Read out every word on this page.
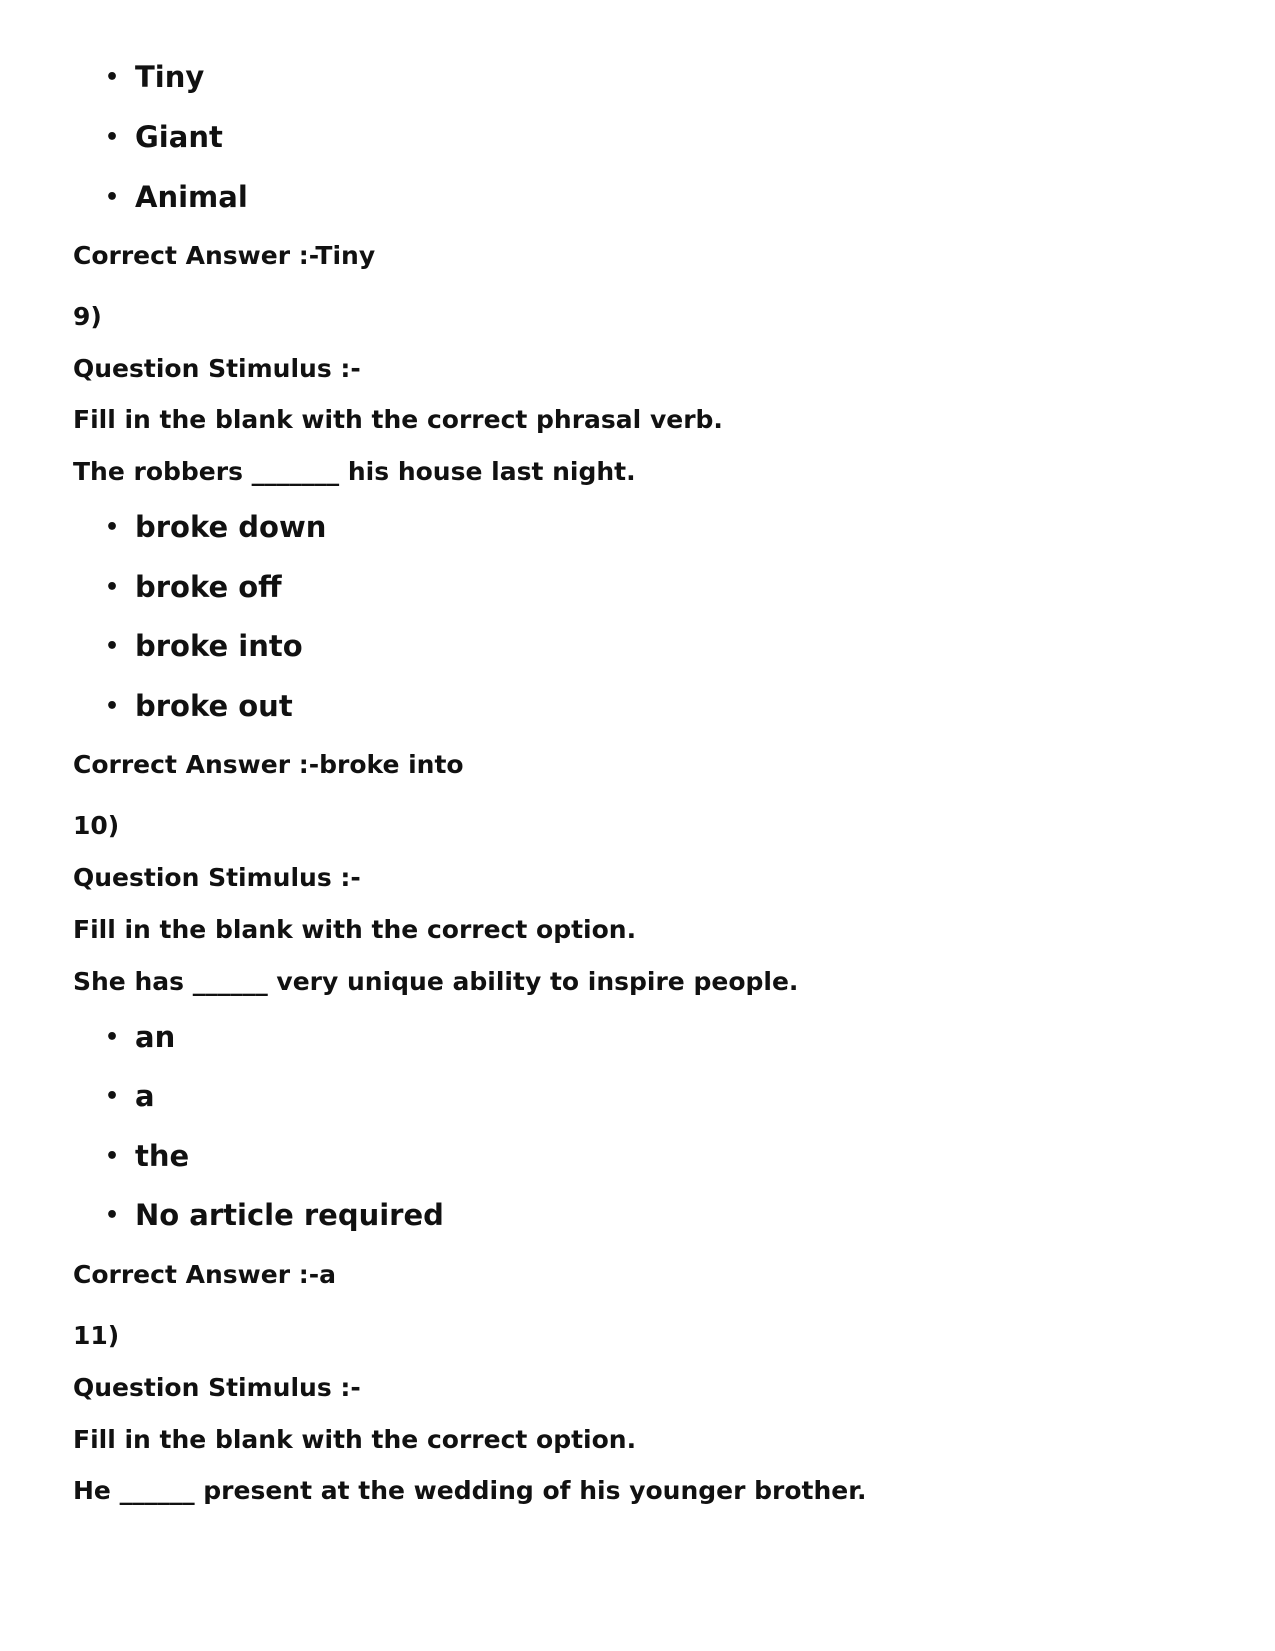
• Tiny
• Giant
• Animal
Correct Answer :-Tiny
9)
Question Stimulus :-
Fill in the blank with the correct phrasal verb.
The robbers _______ his house last night.
• broke down
• broke off
• broke into
• broke out
Correct Answer :-broke into
10)
Question Stimulus :-
Fill in the blank with the correct option.
She has ______ very unique ability to inspire people.
• an
• a
• the
• No article required
Correct Answer :-a
11)
Question Stimulus :-
Fill in the blank with the correct option.
He ______ present at the wedding of his younger brother.
